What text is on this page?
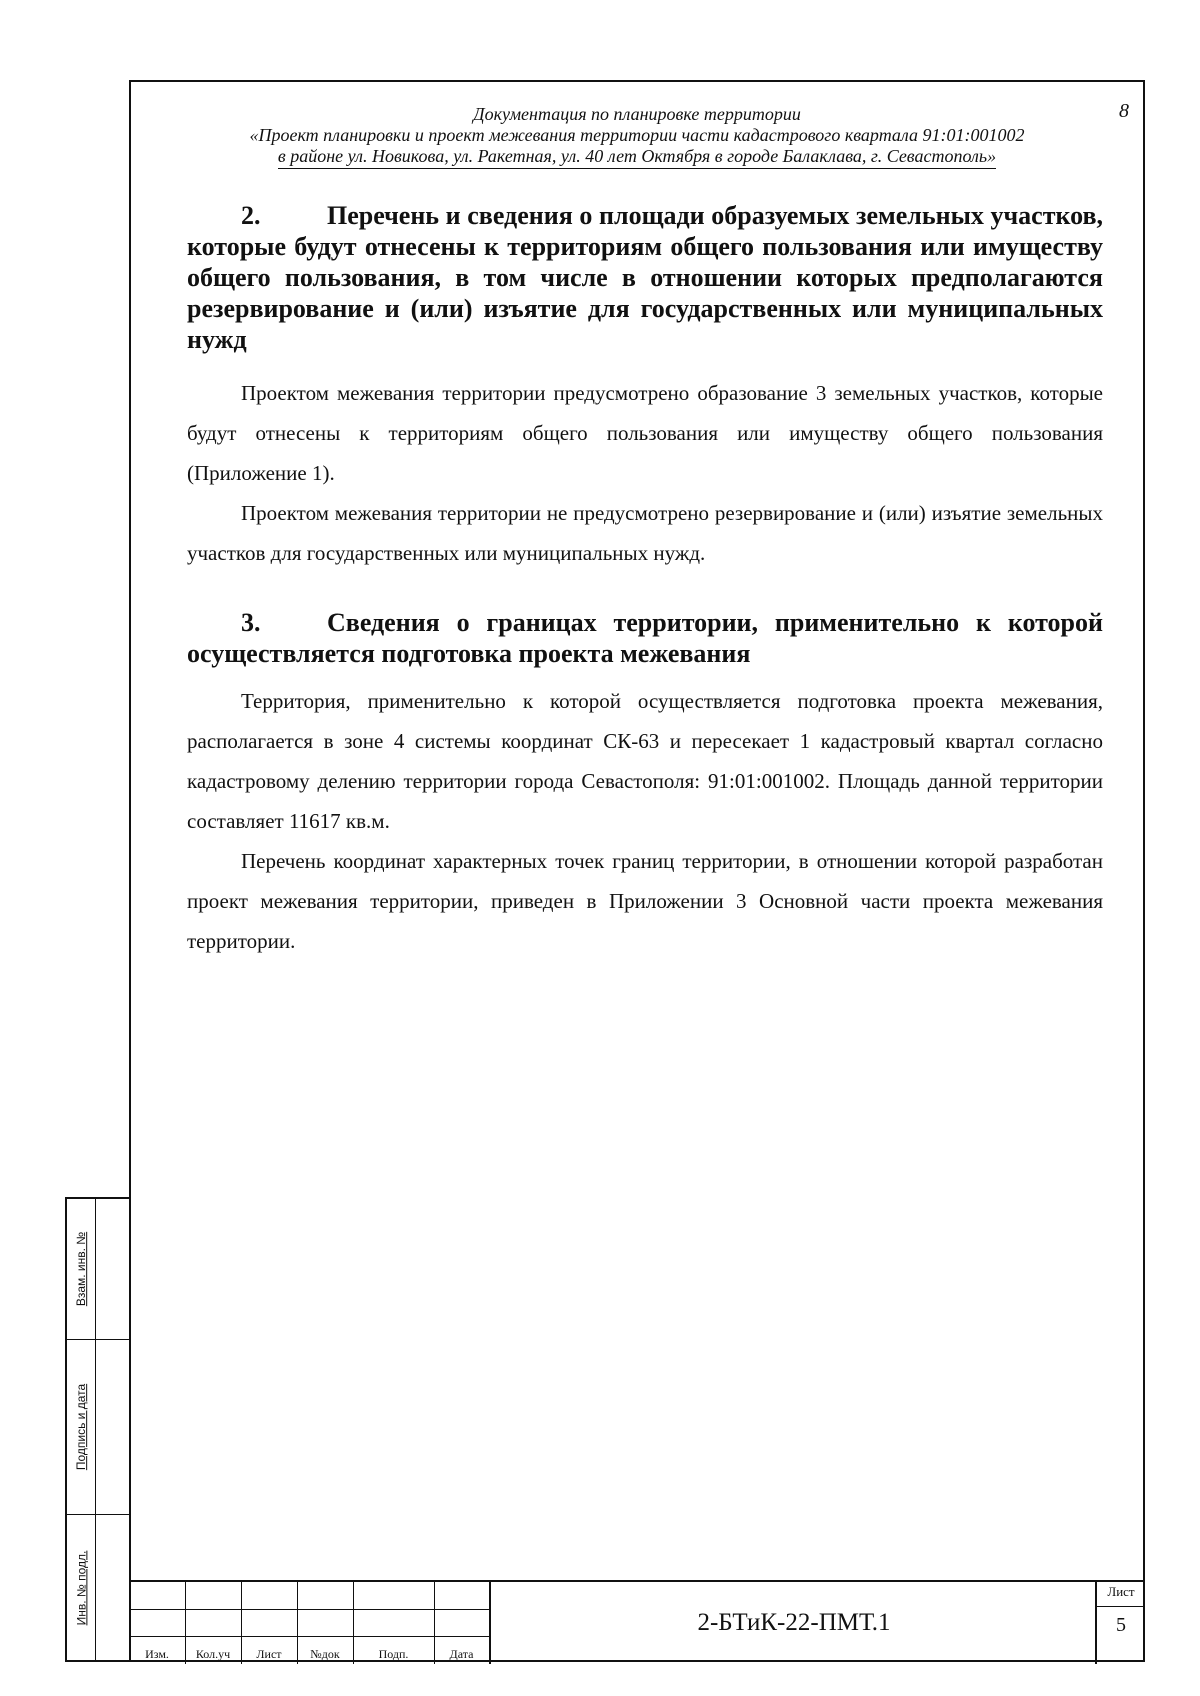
Документация по планировке территории
«Проект планировки и проект межевания территории части кадастрового квартала 91:01:001002
в районе ул. Новикова, ул. Ракетная, ул. 40 лет Октября в городе Балаклава, г. Севастополь»
8
2.	Перечень и сведения о площади образуемых земельных участков, которые будут отнесены к территориям общего пользования или имуществу общего пользования, в том числе в отношении которых предполагаются резервирование и (или) изъятие для государственных или муниципальных нужд

Проектом межевания территории предусмотрено образование 3 земельных участков, которые будут отнесены к территориям общего пользования или имуществу общего пользования (Приложение 1).

Проектом межевания территории не предусмотрено резервирование и (или) изъятие земельных участков для государственных или муниципальных нужд.

3.	Сведения о границах территории, применительно к которой осуществляется подготовка проекта межевания

Территория, применительно к которой осуществляется подготовка проекта межевания, располагается в зоне 4 системы координат СК-63 и пересекает 1 кадастровый квартал согласно кадастровому делению территории города Севастополя: 91:01:001002. Площадь данной территории составляет 11617 кв.м.

Перечень координат характерных точек границ территории, в отношении которой разработан проект межевания территории, приведен в Приложении 3 Основной части проекта межевания территории.

Взам. инв. №
Подпись и дата
Инв. № подл.
Изм.	Кол.уч	Лист	№док	Подп.	Дата
2-БТиК-22-ПМТ.1
Лист
5
